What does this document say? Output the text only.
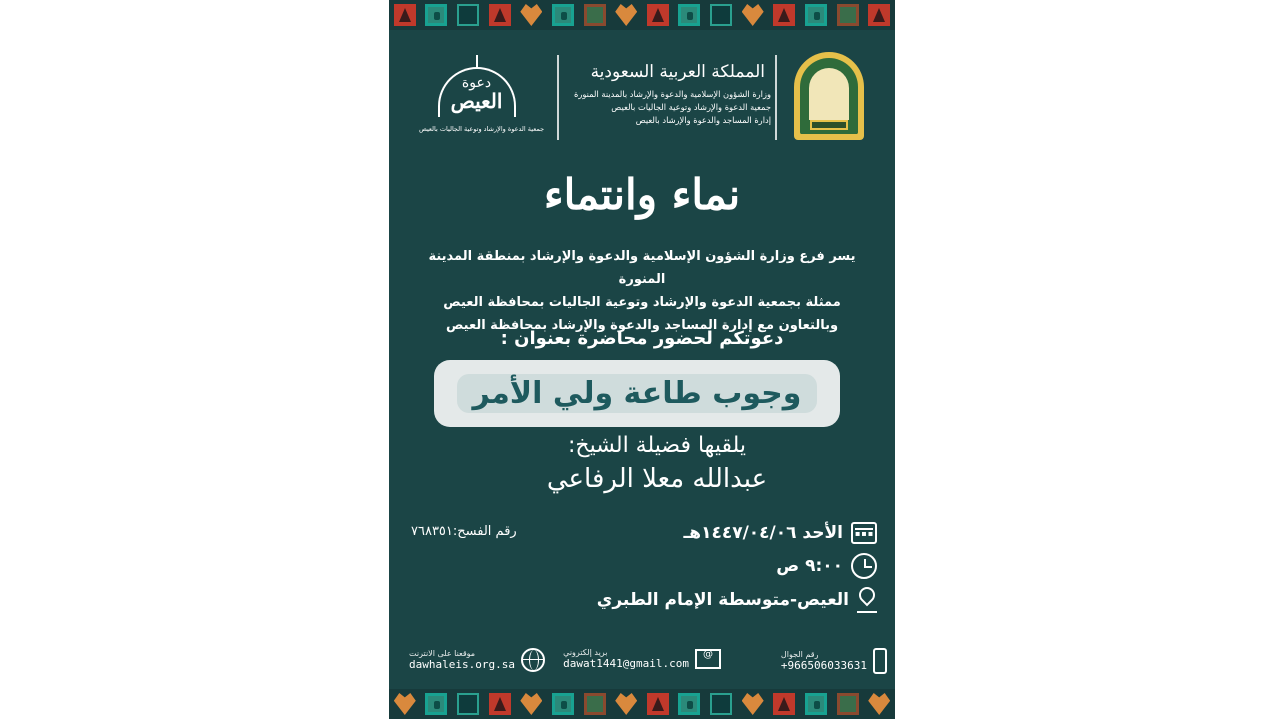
دعوة
العيص
جمعية الدعوة والإرشاد وتوعية الجاليات بالعيص
المملكة العربية السعودية
وزارة الشؤون الإسلامية والدعوة والإرشاد بالمدينة المنورة
جمعية الدعوة والإرشاد وتوعية الجاليات بالعيص
إدارة المساجد والدعوة والإرشاد بالعيص
نماء وانتماء
يسر فرع وزارة الشؤون الإسلامية والدعوة والإرشاد بمنطقة المدينة المنورة
ممثلة بجمعية الدعوة والإرشاد وتوعية الجاليات بمحافظة العيص
وبالتعاون مع إدارة المساجد والدعوة والإرشاد بمحافظة العيص
دعوتكم لحضور محاضرة بعنوان :
وجوب طاعة ولي الأمر
يلقيها فضيلة الشيخ:
عبدالله معلا الرفاعي
رقم الفسح:٧٦٨٣٥١
▪▪▪	الأحد ١٤٤٧/٠٤/٠٦هـ
٩:٠٠ ص
العيص-متوسطة الإمام الطبري
رقم الجوال
+966506033631
@
بريد إلكتروني
dawat1441@gmail.com
موقعنا على الانترنت
dawhaleis.org.sa
